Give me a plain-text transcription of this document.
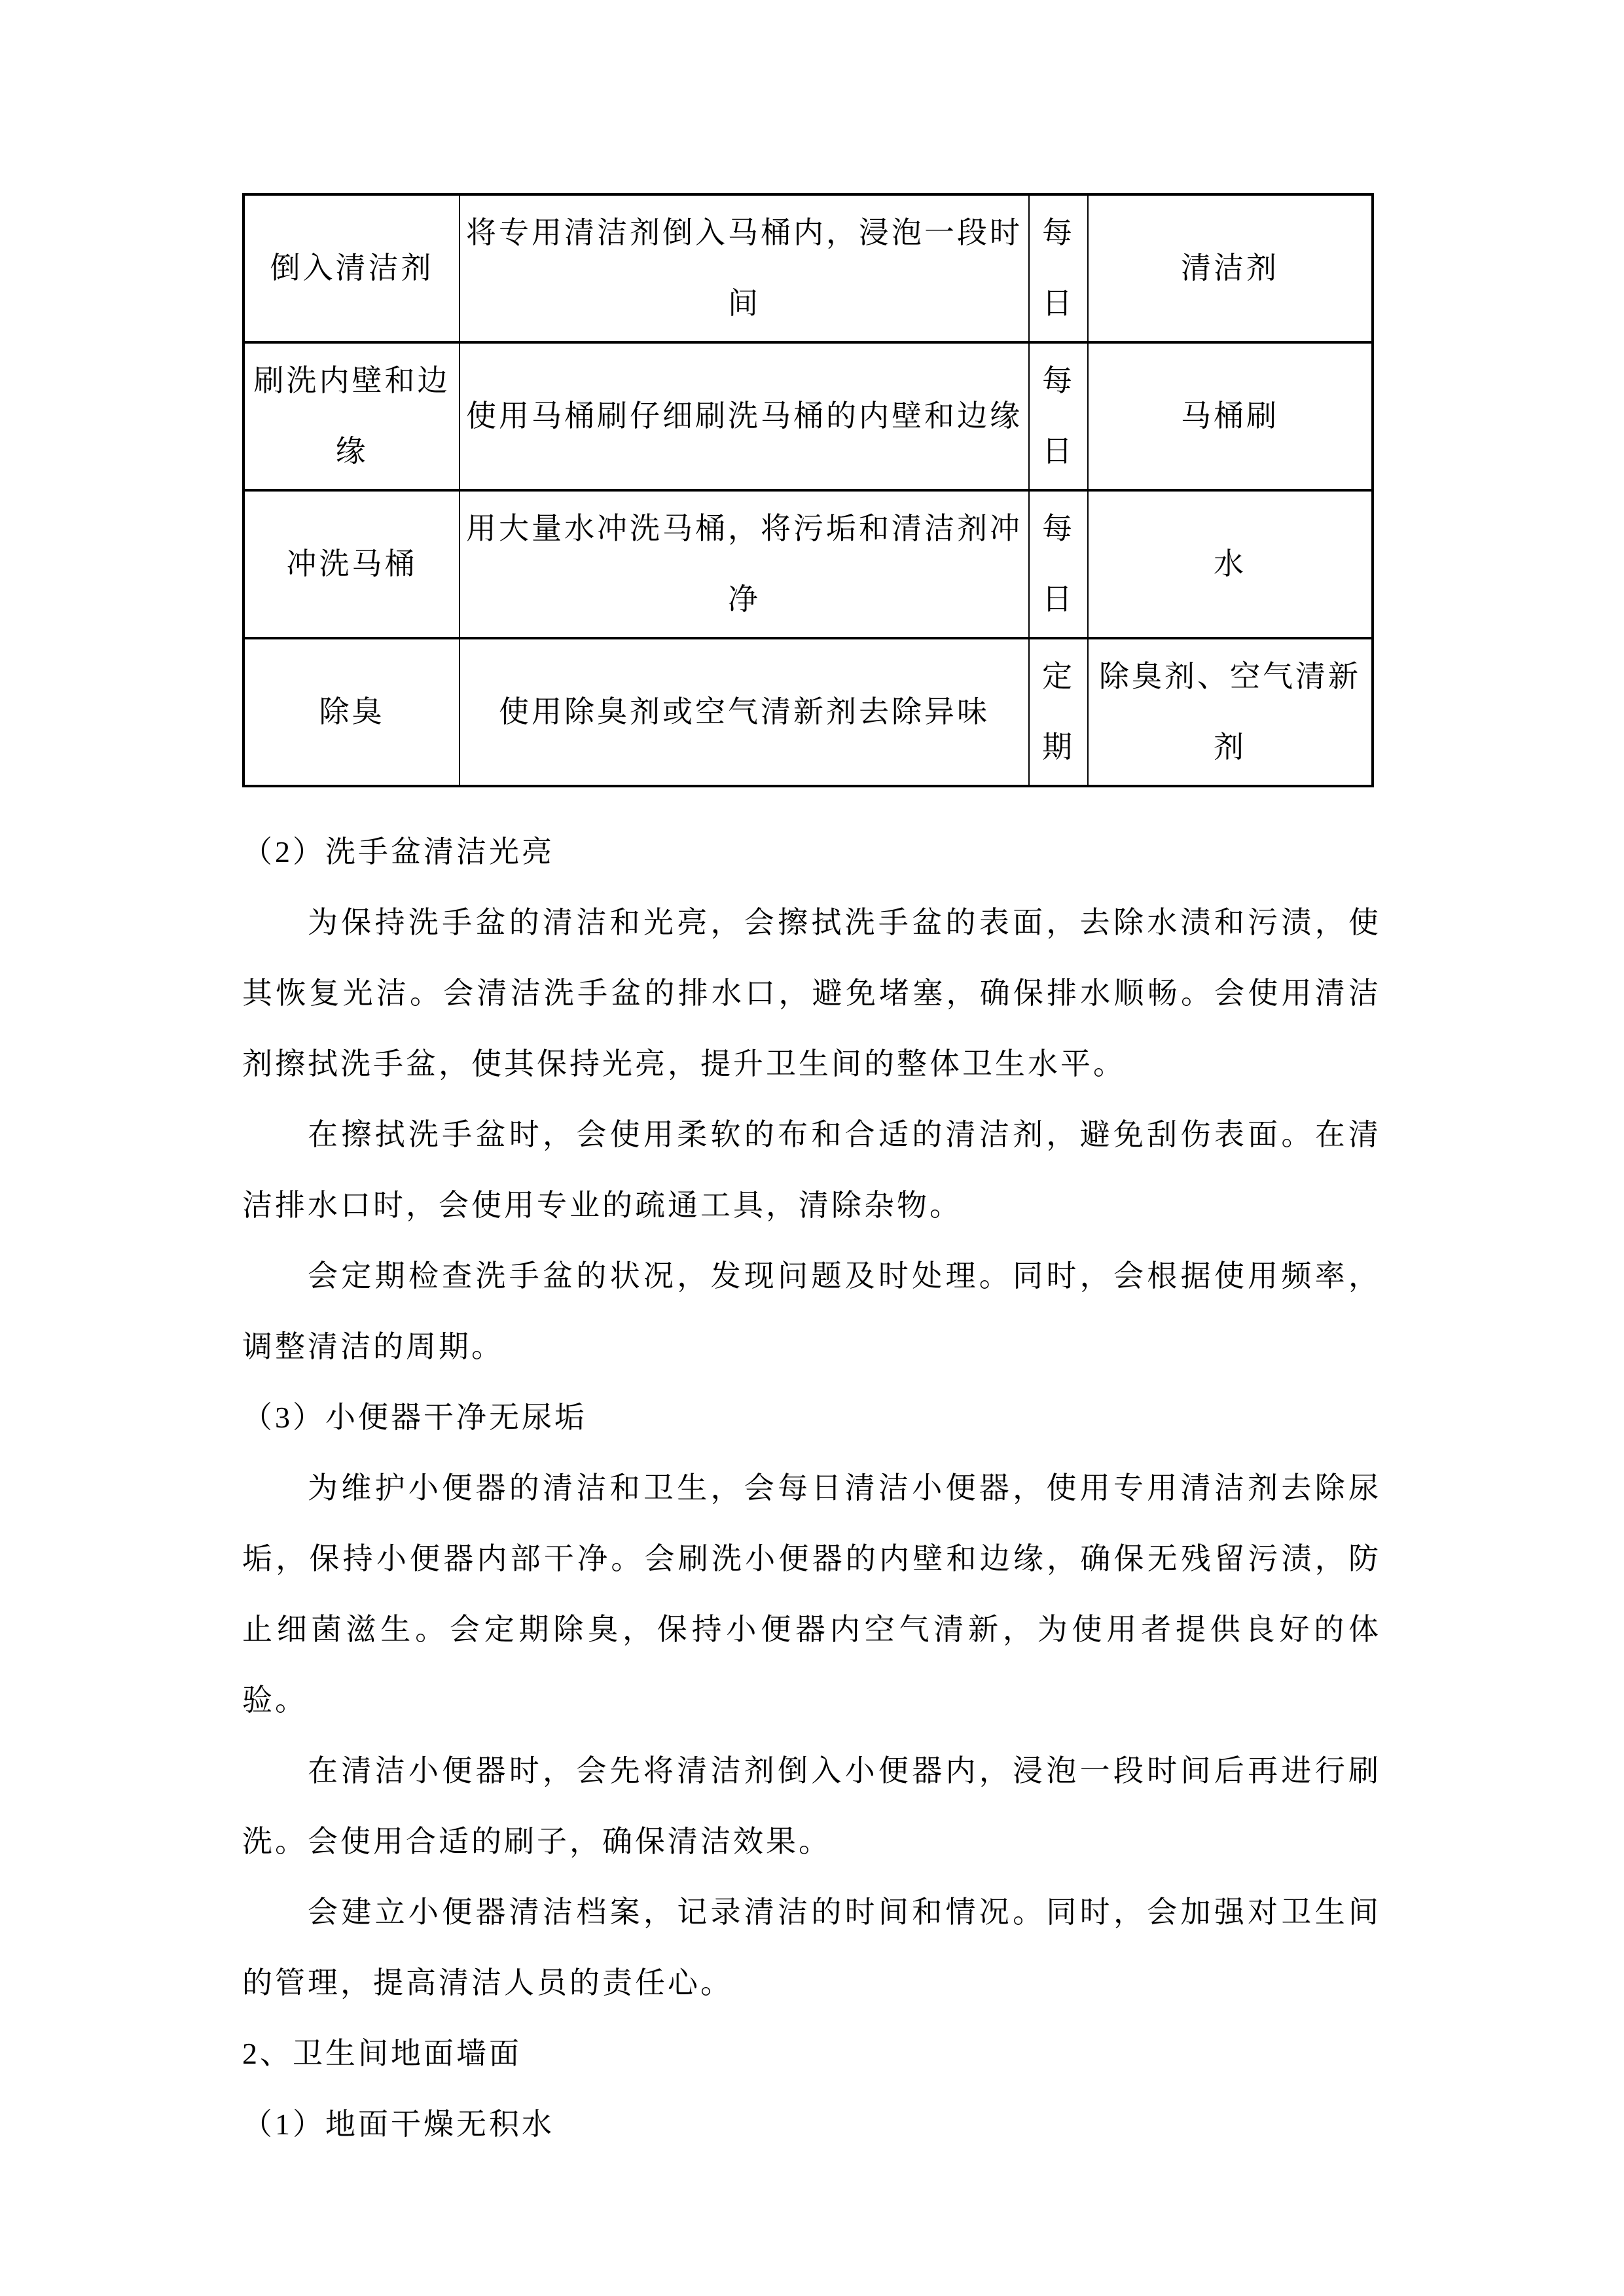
倒入清洁剂	将专用清洁剂倒入马桶内，浸泡一段时间	每日	清洁剂
刷洗内壁和边缘	使用马桶刷仔细刷洗马桶的内壁和边缘	每日	马桶刷
冲洗马桶	用大量水冲洗马桶，将污垢和清洁剂冲净	每日	水
除臭	使用除臭剂或空气清新剂去除异味	定期	除臭剂、空气清新剂
（2）洗手盆清洁光亮

为保持洗手盆的清洁和光亮，会擦拭洗手盆的表面，去除水渍和污渍，使其恢复光洁。会清洁洗手盆的排水口，避免堵塞，确保排水顺畅。会使用清洁剂擦拭洗手盆，使其保持光亮，提升卫生间的整体卫生水平。

在擦拭洗手盆时，会使用柔软的布和合适的清洁剂，避免刮伤表面。在清洁排水口时，会使用专业的疏通工具，清除杂物。

会定期检查洗手盆的状况，发现问题及时处理。同时，会根据使用频率，调整清洁的周期。

（3）小便器干净无尿垢

为维护小便器的清洁和卫生，会每日清洁小便器，使用专用清洁剂去除尿垢，保持小便器内部干净。会刷洗小便器的内壁和边缘，确保无残留污渍，防止细菌滋生。会定期除臭，保持小便器内空气清新，为使用者提供良好的体验。

在清洁小便器时，会先将清洁剂倒入小便器内，浸泡一段时间后再进行刷洗。会使用合适的刷子，确保清洁效果。

会建立小便器清洁档案，记录清洁的时间和情况。同时，会加强对卫生间的管理，提高清洁人员的责任心。

2、卫生间地面墙面
（1）地面干燥无积水
